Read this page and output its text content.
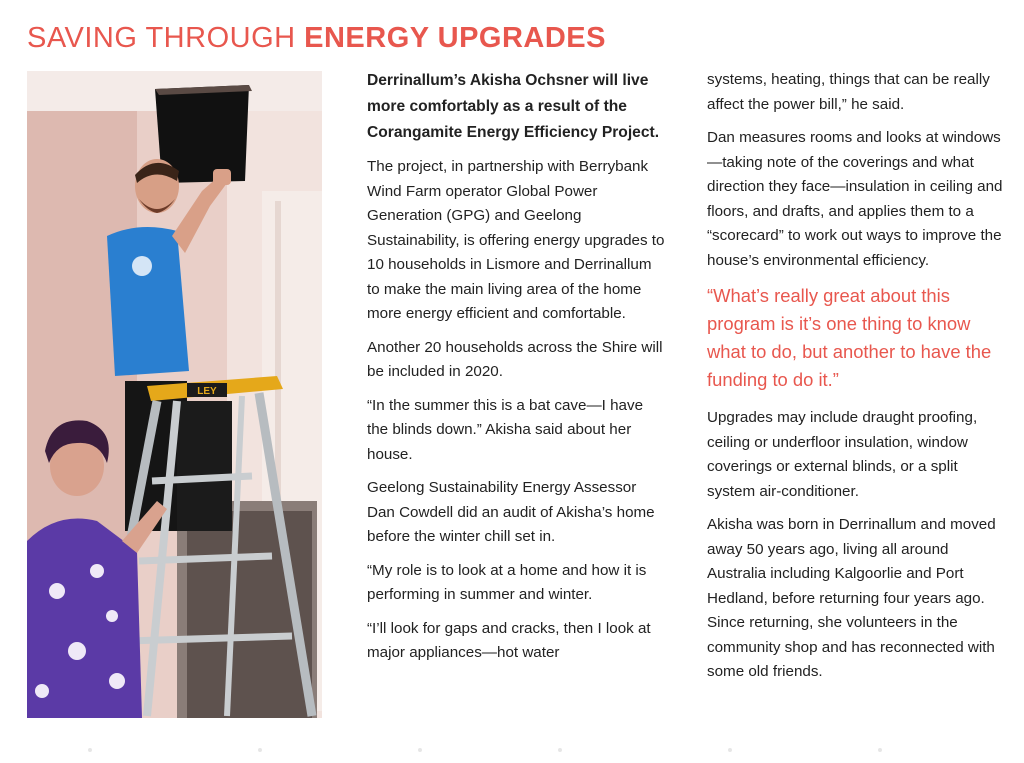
SAVING THROUGH ENERGY UPGRADES
LEY

Derrinallum’s Akisha Ochsner will live more comfortably as a result of the Corangamite Energy Efficiency Project.

The project, in partnership with Berrybank Wind Farm operator Global Power Generation (GPG) and Geelong Sustainability, is offering energy upgrades to 10 households in Lismore and Derrinallum to make the main living area of the home more energy efficient and comfortable.

Another 20 households across the Shire will be included in 2020.

“In the summer this is a bat cave—I have the blinds down.” Akisha said about her house.

Geelong Sustainability Energy Assessor Dan Cowdell did an audit of Akisha’s home before the winter chill set in.

“My role is to look at a home and how it is performing in summer and winter.

“I’ll look for gaps and cracks, then I look at major appliances—hot water

systems, heating, things that can be really affect the power bill,” he said.

Dan measures rooms and looks at windows—taking note of the coverings and what direction they face—insulation in ceiling and floors, and drafts, and applies them to a “scorecard” to work out ways to improve the house’s environmental efficiency.

“What’s really great about this program is it’s one thing to know what to do, but another to have the funding to do it.”

Upgrades may include draught proofing, ceiling or underfloor insulation, window coverings or external blinds, or a split system air-conditioner.

Akisha was born in Derrinallum and moved away 50 years ago, living all around Australia including Kalgoorlie and Port Hedland, before returning four years ago. Since returning, she volunteers in the community shop and has reconnected with some old friends.
